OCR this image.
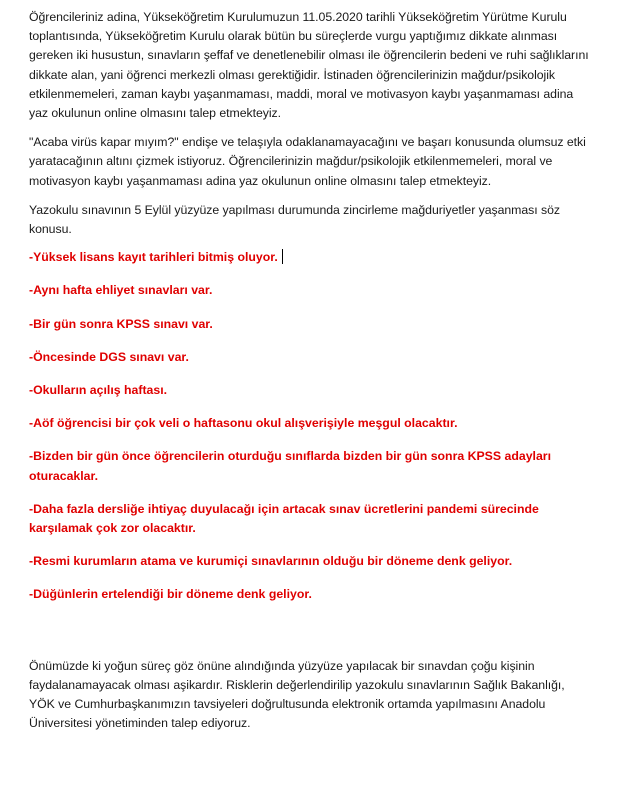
Öğrencileriniz adina, Yükseköğretim Kurulumuzun 11.05.2020 tarihli Yükseköğretim Yürütme Kurulu toplantısında, Yükseköğretim Kurulu olarak bütün bu süreçlerde vurgu yaptığımız dikkate alınması gereken iki husustun, sınavların şeffaf ve denetlenebilir olması ile öğrencilerin bedeni ve ruhi sağlıklarını dikkate alan, yani öğrenci merkezli olması gerektiğidir. İstinaden öğrencilerinizin mağdur/psikolojik etkilenmemeleri, zaman kaybı yaşanmaması, maddi, moral ve motivasyon kaybı yaşanmaması adina yaz okulunun online olmasını talep etmekteyiz.

"Acaba virüs kapar mıyım?" endişe ve telaşıyla odaklanamayacağını ve başarı konusunda olumsuz etki yaratacağının altını çizmek istiyoruz. Öğrencilerinizin mağdur/psikolojik etkilenmemeleri, moral ve motivasyon kaybı yaşanmaması adina yaz okulunun online olmasını talep etmekteyiz.

Yazokulu sınavının 5 Eylül yüzyüze yapılması durumunda zincirleme mağduriyetler yaşanması söz konusu.

-Yüksek lisans kayıt tarihleri bitmiş oluyor.

-Aynı hafta ehliyet sınavları var.

-Bir gün sonra KPSS sınavı var.

-Öncesinde DGS sınavı var.

-Okulların açılış haftası.

-Aöf öğrencisi bir çok veli o haftasonu okul alışverişiyle meşgul olacaktır.

-Bizden bir gün önce öğrencilerin oturduğu sınıflarda bizden bir gün sonra KPSS adayları oturacaklar.

-Daha fazla dersliğe ihtiyaç duyulacağı için artacak sınav ücretlerini pandemi sürecinde karşılamak çok zor olacaktır.

-Resmi kurumların atama ve kurumiçi sınavlarının olduğu bir döneme denk geliyor.

-Düğünlerin ertelendiği bir döneme denk geliyor.

Önümüzde ki yoğun süreç göz önüne alındığında yüzyüze yapılacak bir sınavdan çoğu kişinin faydalanamayacak olması aşikardır. Risklerin değerlendirilip yazokulu sınavlarının Sağlık Bakanlığı, YÖK ve Cumhurbaşkanımızın tavsiyeleri doğrultusunda elektronik ortamda yapılmasını Anadolu Üniversitesi yönetiminden talep ediyoruz.
